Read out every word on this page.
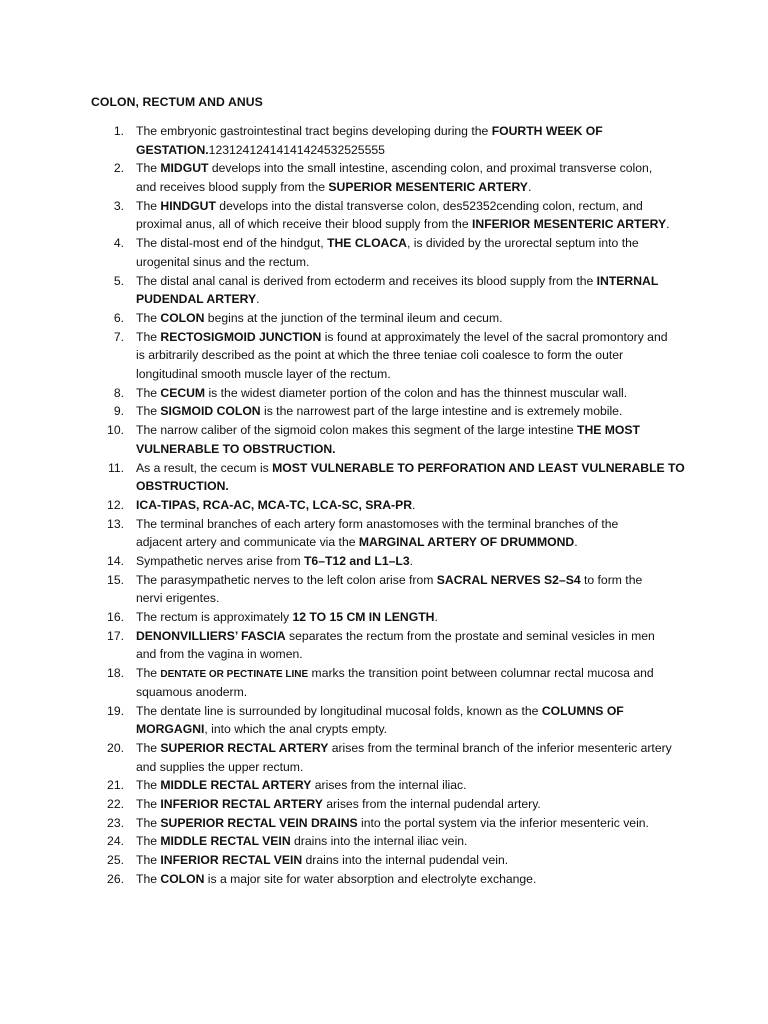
COLON, RECTUM AND ANUS
1. The embryonic gastrointestinal tract begins developing during the FOURTH WEEK OF
GESTATION.12312412414141424532525555
2. The MIDGUT develops into the small intestine, ascending colon, and proximal transverse colon,
and receives blood supply from the SUPERIOR MESENTERIC ARTERY.
3. The HINDGUT develops into the distal transverse colon, des52352cending colon, rectum, and
proximal anus, all of which receive their blood supply from the INFERIOR MESENTERIC ARTERY.
4. The distal-most end of the hindgut, THE CLOACA, is divided by the urorectal septum into the
urogenital sinus and the rectum.
5. The distal anal canal is derived from ectoderm and receives its blood supply from the INTERNAL
PUDENDAL ARTERY.
6. The COLON begins at the junction of the terminal ileum and cecum.
7. The RECTOSIGMOID JUNCTION is found at approximately the level of the sacral promontory and
is arbitrarily described as the point at which the three teniae coli coalesce to form the outer
longitudinal smooth muscle layer of the rectum.
8. The CECUM is the widest diameter portion of the colon and has the thinnest muscular wall.
9. The SIGMOID COLON is the narrowest part of the large intestine and is extremely mobile.
10. The narrow caliber of the sigmoid colon makes this segment of the large intestine THE MOST
VULNERABLE TO OBSTRUCTION.
11. As a result, the cecum is MOST VULNERABLE TO PERFORATION AND LEAST VULNERABLE TO
OBSTRUCTION.
12. ICA-TIPAS, RCA-AC, MCA-TC, LCA-SC, SRA-PR.
13. The terminal branches of each artery form anastomoses with the terminal branches of the
adjacent artery and communicate via the MARGINAL ARTERY OF DRUMMOND.
14. Sympathetic nerves arise from T6–T12 and L1–L3.
15. The parasympathetic nerves to the left colon arise from SACRAL NERVES S2–S4 to form the
nervi erigentes.
16. The rectum is approximately 12 TO 15 CM IN LENGTH.
17. DENONVILLIERS’ FASCIA separates the rectum from the prostate and seminal vesicles in men
and from the vagina in women.
18. The DENTATE OR PECTINATE LINE marks the transition point between columnar rectal mucosa and
squamous anoderm.
19. The dentate line is surrounded by longitudinal mucosal folds, known as the COLUMNS OF
MORGAGNI, into which the anal crypts empty.
20. The SUPERIOR RECTAL ARTERY arises from the terminal branch of the inferior mesenteric artery
and supplies the upper rectum.
21. The MIDDLE RECTAL ARTERY arises from the internal iliac.
22. The INFERIOR RECTAL ARTERY arises from the internal pudendal artery.
23. The SUPERIOR RECTAL VEIN DRAINS into the portal system via the inferior mesenteric vein.
24. The MIDDLE RECTAL VEIN drains into the internal iliac vein.
25. The INFERIOR RECTAL VEIN drains into the internal pudendal vein.
26. The COLON is a major site for water absorption and electrolyte exchange.
